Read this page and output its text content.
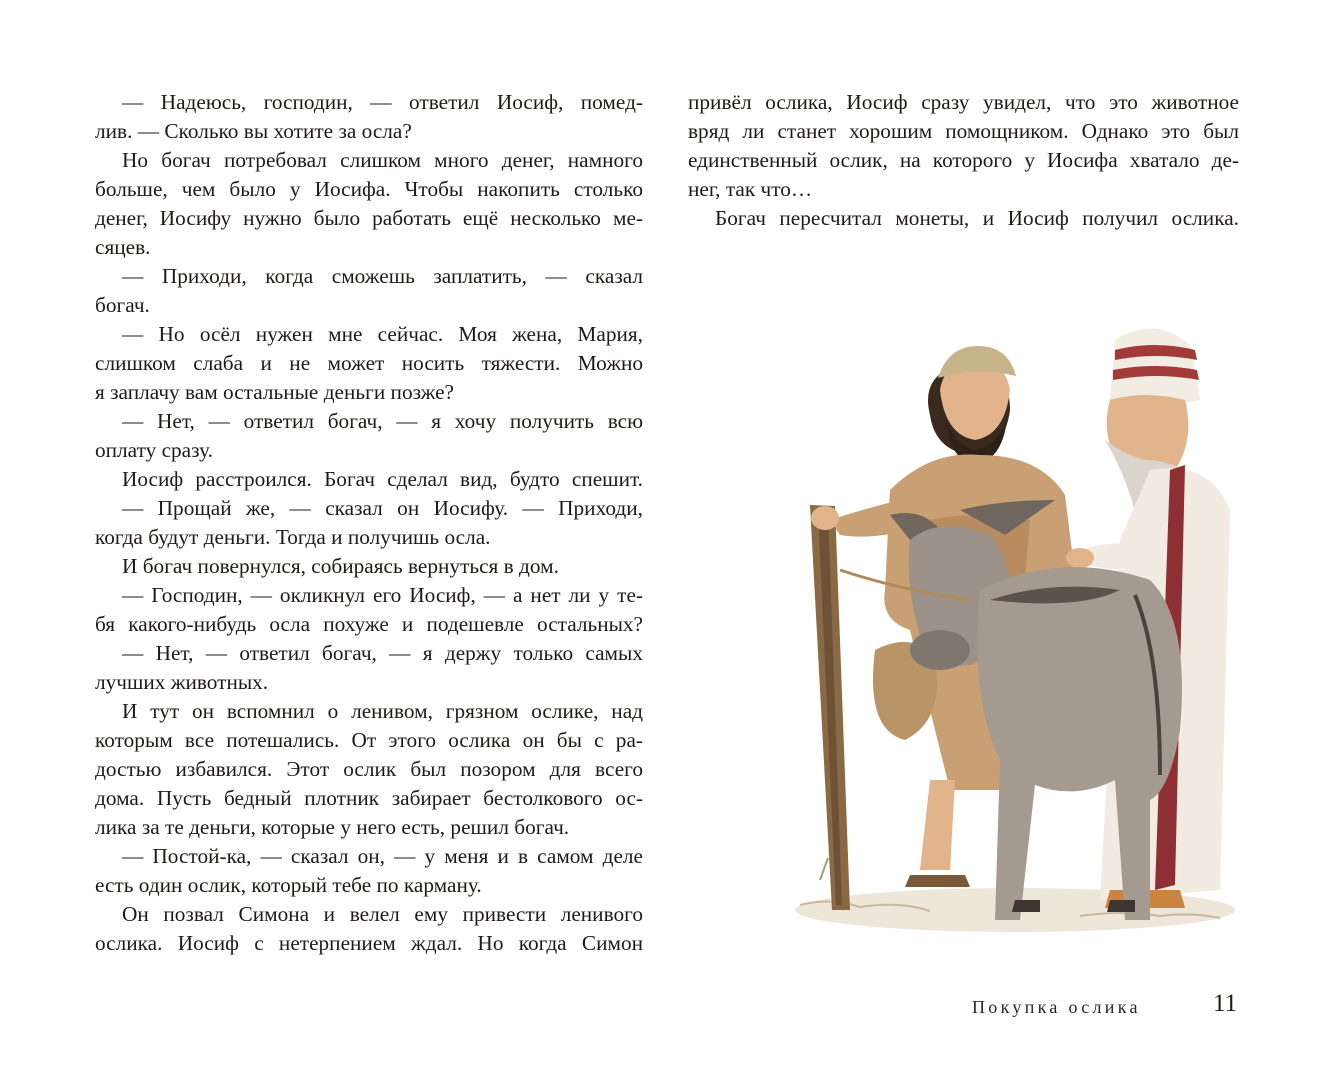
— Надеюсь, господин, — ответил Иосиф, помед-
лив. — Сколько вы хотите за осла?
Но богач потребовал слишком много денег, намного
больше, чем было у Иосифа. Чтобы накопить столько
денег, Иосифу нужно было работать ещё несколько ме-
сяцев.
— Приходи, когда сможешь заплатить, — сказал
богач.
— Но осёл нужен мне сейчас. Моя жена, Мария,
слишком слаба и не может носить тяжести. Можно
я заплачу вам остальные деньги позже?
— Нет, — ответил богач, — я хочу получить всю
оплату сразу.
Иосиф расстроился. Богач сделал вид, будто спешит.
— Прощай же, — сказал он Иосифу. — Приходи,
когда будут деньги. Тогда и получишь осла.
И богач повернулся, собираясь вернуться в дом.
— Господин, — окликнул его Иосиф, — а нет ли у те-
бя какого-нибудь осла похуже и подешевле остальных?
— Нет, — ответил богач, — я держу только самых
лучших животных.
И тут он вспомнил о ленивом, грязном ослике, над
которым все потешались. От этого ослика он бы с ра-
достью избавился. Этот ослик был позором для всего
дома. Пусть бедный плотник забирает бестолкового ос-
лика за те деньги, которые у него есть, решил богач.
— Постой-ка, — сказал он, — у меня и в самом деле
есть один ослик, который тебе по карману.
Он позвал Симона и велел ему привести ленивого
ослика. Иосиф с нетерпением ждал. Но когда Симон
привёл ослика, Иосиф сразу увидел, что это животное
вряд ли станет хорошим помощником. Однако это был
единственный ослик, на которого у Иосифа хватало де-
нег, так что…
Богач пересчитал монеты, и Иосиф получил ослика.
Покупка ослика	11
